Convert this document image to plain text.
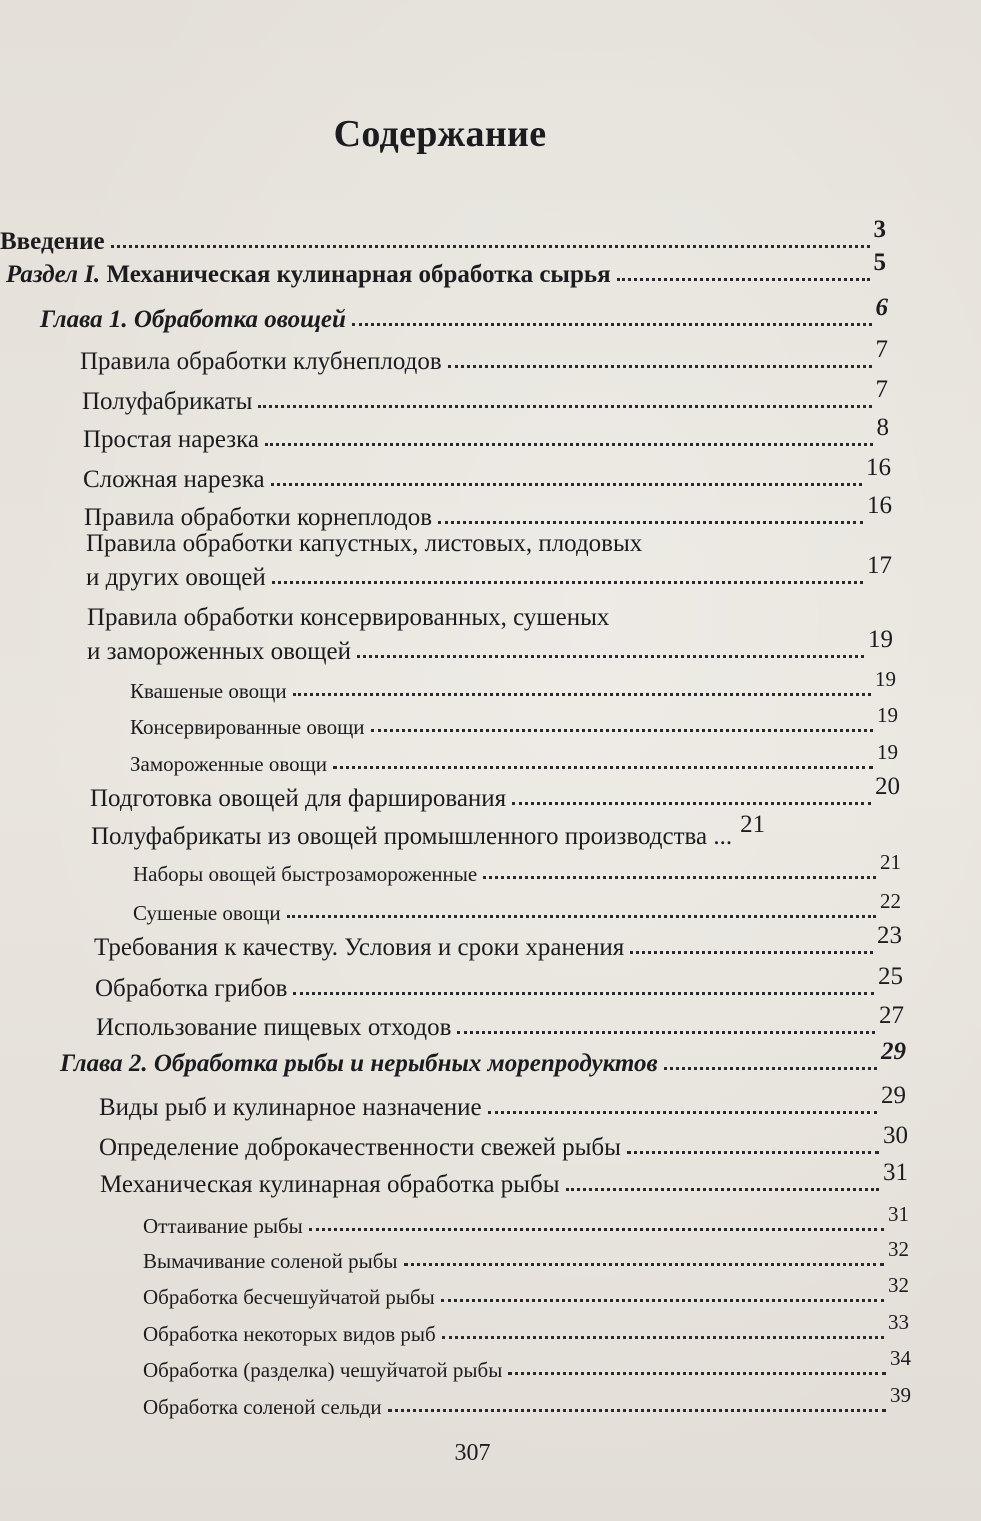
Содержание
Введение	3
Раздел I. Механическая кулинарная обработка сырья	5
Глава 1. Обработка овощей	6
Правила обработки клубнеплодов	7
Полуфабрикаты	7
Простая нарезка	8
Сложная нарезка	16
Правила обработки корнеплодов	16
Правила обработки капустных, листовых, плодовых
и других овощей	17
Правила обработки консервированных, сушеных
и замороженных овощей	19
Квашеные овощи	19
Консервированные овощи	19
Замороженные овощи	19
Подготовка овощей для фарширования	20
Полуфабрикаты из овощей промышленного производства ... 21
Наборы овощей быстрозамороженные	21
Сушеные овощи	22
Требования к качеству. Условия и сроки хранения	23
Обработка грибов	25
Использование пищевых отходов	27
Глава 2. Обработка рыбы и нерыбных морепродуктов	29
Виды рыб и кулинарное назначение	29
Определение доброкачественности свежей рыбы	30
Механическая кулинарная обработка рыбы	31
Оттаивание рыбы	31
Вымачивание соленой рыбы	32
Обработка бесчешуйчатой рыбы	32
Обработка некоторых видов рыб	33
Обработка (разделка) чешуйчатой рыбы	34
Обработка соленой сельди	39
307
